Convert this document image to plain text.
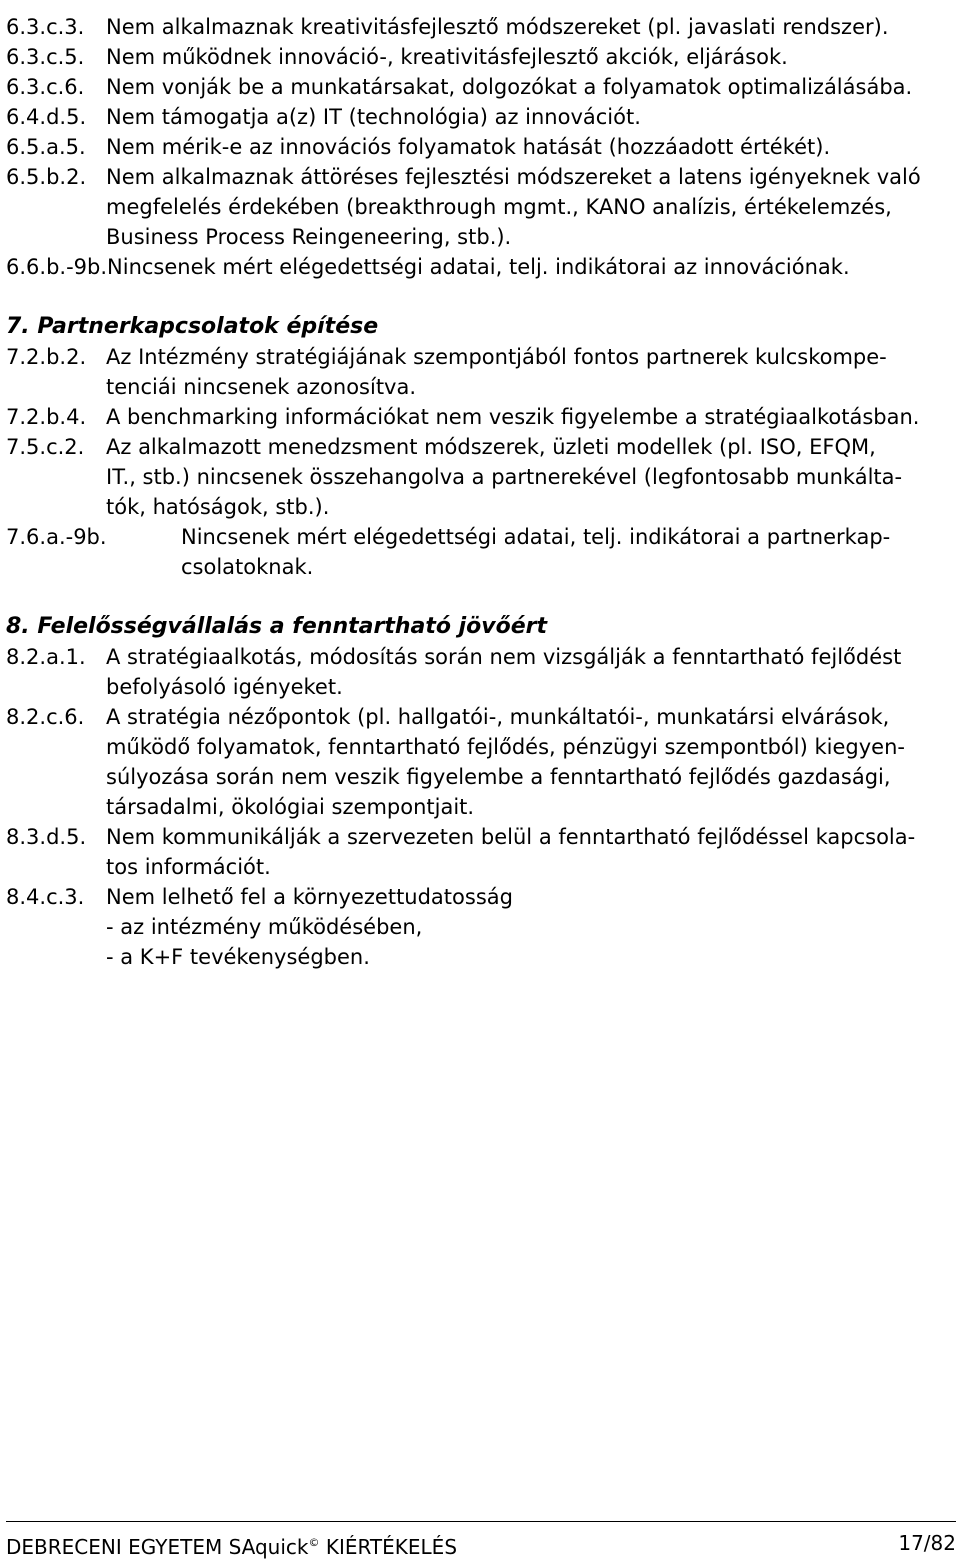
6.3.c.3.	Nem alkalmaznak kreativitásfejlesztő módszereket (pl. javaslati rendszer).
6.3.c.5.	Nem működnek innováció-, kreativitásfejlesztő akciók, eljárások.
6.3.c.6.	Nem vonják be a munkatársakat, dolgozókat a folyamatok optimalizálásába.
6.4.d.5. Nem támogatja a(z) IT (technológia) az innovációt.
6.5.a.5. Nem mérik-e az innovációs folyamatok hatását (hozzáadott értékét).
6.5.b.2. Nem alkalmaznak áttöréses fejlesztési módszereket a latens igényeknek való
megfelelés érdekében (breakthrough mgmt., KANO analízis, értékelemzés,
Business Process Reingeneering, stb.).
6.6.b.-9b. Nincsenek mért elégedettségi adatai, telj. indikátorai az innovációnak.
7. Partnerkapcsolatok építése
7.2.b.2. Az Intézmény stratégiájának szempontjából fontos partnerek kulcskompe-
tenciái nincsenek azonosítva.
7.2.b.4. A benchmarking információkat nem veszik figyelembe a stratégiaalkotásban.
7.5.c.2.	Az alkalmazott menedzsment módszerek, üzleti modellek (pl. ISO, EFQM,
IT., stb.) nincsenek összehangolva a partnerekével (legfontosabb munkálta-
tók, hatóságok, stb.).
7.6.a.-9b.	Nincsenek mért elégedettségi adatai, telj. indikátorai a partnerkap-
csolatoknak.
8. Felelősségvállalás a fenntartható jövőért
8.2.a.1. A stratégiaalkotás, módosítás során nem vizsgálják a fenntartható fejlődést
befolyásoló igényeket.
8.2.c.6.	A stratégia nézőpontok (pl. hallgatói-, munkáltatói-, munkatársi elvárások,
működő folyamatok, fenntartható fejlődés, pénzügyi szempontból) kiegyen-
súlyozása során nem veszik figyelembe a fenntartható fejlődés gazdasági,
társadalmi, ökológiai szempontjait.
8.3.d.5. Nem kommunikálják a szervezeten belül a fenntartható fejlődéssel kapcsola-
tos információt.
8.4.c.3.	Nem lelhető fel a környezettudatosság
- az intézmény működésében,
- a K+F tevékenységben.
DEBRECENI EGYETEM SAquick© KIÉRTÉKELÉS	17/82
